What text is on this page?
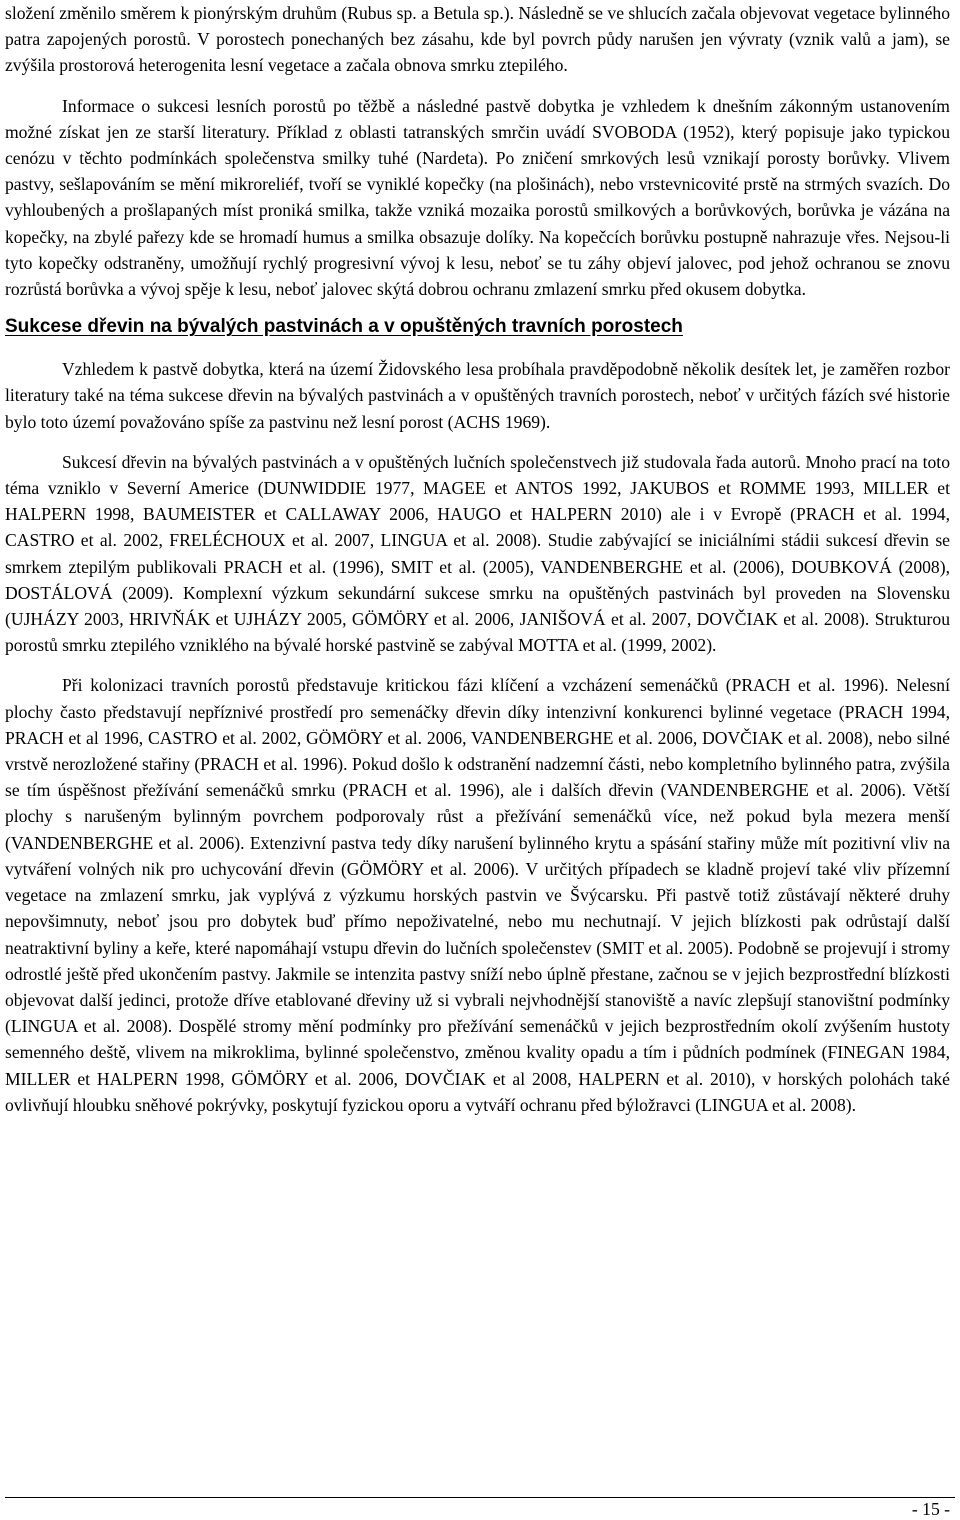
složení změnilo směrem k pionýrským druhům (Rubus sp. a Betula sp.). Následně se ve shlucích začala objevovat vegetace bylinného patra zapojených porostů. V porostech ponechaných bez zásahu, kde byl povrch půdy narušen jen vývraty (vznik valů a jam), se zvýšila prostorová heterogenita lesní vegetace a začala obnova smrku ztepilého.

Informace o sukcesi lesních porostů po těžbě a následné pastvě dobytka je vzhledem k dnešním zákonným ustanovením možné získat jen ze starší literatury. Příklad z oblasti tatranských smrčin uvádí SVOBODA (1952), který popisuje jako typickou cenózu v těchto podmínkách společenstva smilky tuhé (Nardeta). Po zničení smrkových lesů vznikají porosty borůvky. Vlivem pastvy, sešlapováním se mění mikroreliéf, tvoří se vyniklé kopečky (na plošinách), nebo vrstevnicovité prstě na strmých svazích. Do vyhloubených a prošlapaných míst proniká smilka, takže vzniká mozaika porostů smilkových a borůvkových, borůvka je vázána na kopečky, na zbylé pařezy kde se hromadí humus a smilka obsazuje dolíky. Na kopečcích borůvku postupně nahrazuje vřes. Nejsou-li tyto kopečky odstraněny, umožňují rychlý progresivní vývoj k lesu, neboť se tu záhy objeví jalovec, pod jehož ochranou se znovu rozrůstá borůvka a vývoj spěje k lesu, neboť jalovec skýtá dobrou ochranu zmlazení smrku před okusem dobytka.

Sukcese dřevin na bývalých pastvinách a v opuštěných travních porostech

Vzhledem k pastvě dobytka, která na území Židovského lesa probíhala pravděpodobně několik desítek let, je zaměřen rozbor literatury také na téma sukcese dřevin na bývalých pastvinách a v opuštěných travních porostech, neboť v určitých fázích své historie bylo toto území považováno spíše za pastvinu než lesní porost (ACHS 1969).

Sukcesí dřevin na bývalých pastvinách a v opuštěných lučních společenstvech již studovala řada autorů. Mnoho prací na toto téma vzniklo v Severní Americe (DUNWIDDIE 1977, MAGEE et ANTOS 1992, JAKUBOS et ROMME 1993, MILLER et HALPERN 1998, BAUMEISTER et CALLAWAY 2006, HAUGO et HALPERN 2010) ale i v Evropě (PRACH et al. 1994, CASTRO et al. 2002, FRELÉCHOUX et al. 2007, LINGUA et al. 2008). Studie zabývající se iniciálními stádii sukcesí dřevin se smrkem ztepilým publikovali PRACH et al. (1996), SMIT et al. (2005), VANDENBERGHE et al. (2006), DOUBKOVÁ (2008), DOSTÁLOVÁ (2009). Komplexní výzkum sekundární sukcese smrku na opuštěných pastvinách byl proveden na Slovensku (UJHÁZY 2003, HRIVŇÁK et UJHÁZY 2005, GÖMÖRY et al. 2006, JANIŠOVÁ et al. 2007, DOVČIAK et al. 2008). Strukturou porostů smrku ztepilého vzniklého na bývalé horské pastvině se zabýval MOTTA et al. (1999, 2002).

Při kolonizaci travních porostů představuje kritickou fázi klíčení a vzcházení semenáčků (PRACH et al. 1996). Nelesní plochy často představují nepříznivé prostředí pro semenáčky dřevin díky intenzivní konkurenci bylinné vegetace (PRACH 1994, PRACH et al 1996, CASTRO et al. 2002, GÖMÖRY et al. 2006, VANDENBERGHE et al. 2006, DOVČIAK et al. 2008), nebo silné vrstvě nerozložené stařiny (PRACH et al. 1996). Pokud došlo k odstranění nadzemní části, nebo kompletního bylinného patra, zvýšila se tím úspěšnost přežívání semenáčků smrku (PRACH et al. 1996), ale i dalších dřevin (VANDENBERGHE et al. 2006). Větší plochy s narušeným bylinným povrchem podporovaly růst a přežívání semenáčků více, než pokud byla mezera menší (VANDENBERGHE et al. 2006). Extenzivní pastva tedy díky narušení bylinného krytu a spásání stařiny může mít pozitivní vliv na vytváření volných nik pro uchycování dřevin (GÖMÖRY et al. 2006). V určitých případech se kladně projeví také vliv přízemní vegetace na zmlazení smrku, jak vyplývá z výzkumu horských pastvin ve Švýcarsku. Při pastvě totiž zůstávají některé druhy nepovšimnuty, neboť jsou pro dobytek buď přímo nepoživatelné, nebo mu nechutnají. V jejich blízkosti pak odrůstají další neatraktivní byliny a keře, které napomáhají vstupu dřevin do lučních společenstev (SMIT et al. 2005). Podobně se projevují i stromy odrostlé ještě před ukončením pastvy. Jakmile se intenzita pastvy sníží nebo úplně přestane, začnou se v jejich bezprostřední blízkosti objevovat další jedinci, protože dříve etablované dřeviny už si vybrali nejvhodnější stanoviště a navíc zlepšují stanovištní podmínky (LINGUA et al. 2008). Dospělé stromy mění podmínky pro přežívání semenáčků v jejich bezprostředním okolí zvýšením hustoty semenného deště, vlivem na mikroklima, bylinné společenstvo, změnou kvality opadu a tím i půdních podmínek (FINEGAN 1984, MILLER et HALPERN 1998, GÖMÖRY et al. 2006, DOVČIAK et al 2008, HALPERN et al. 2010), v horských polohách také ovlivňují hloubku sněhové pokrývky, poskytují fyzickou oporu a vytváří ochranu před býložravci (LINGUA et al. 2008).

- 15 -
